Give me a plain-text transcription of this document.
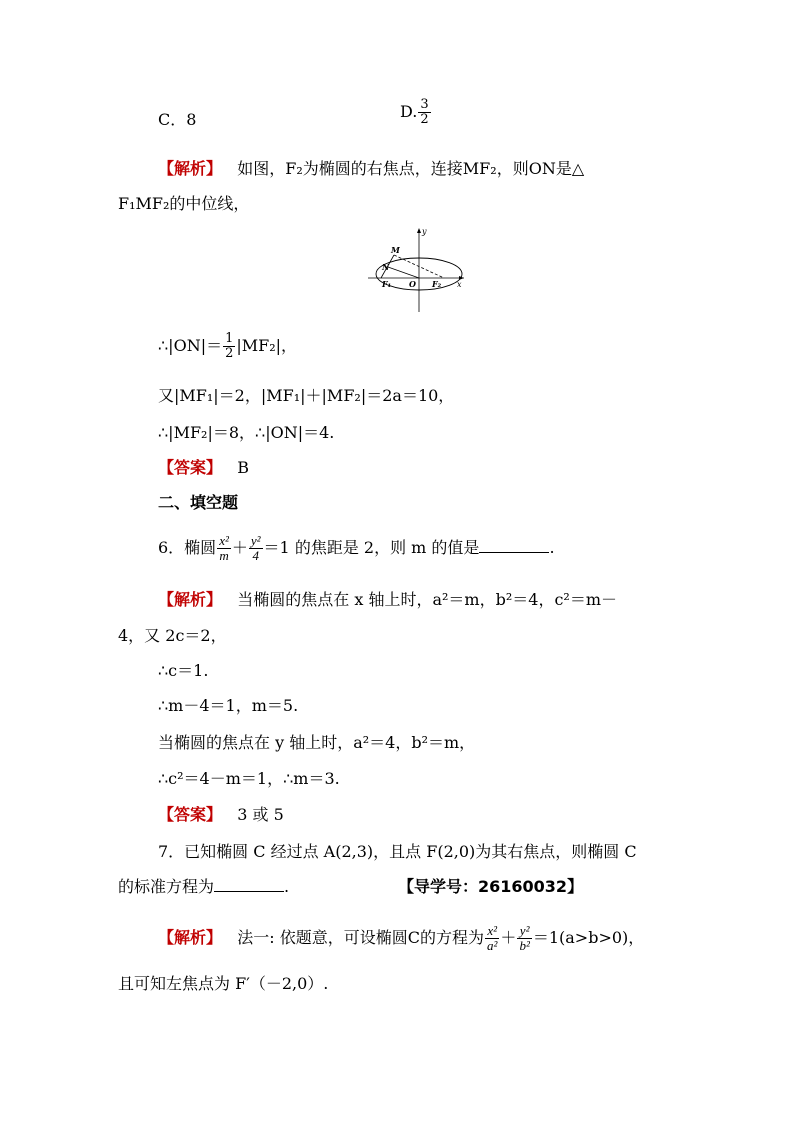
C．8	D. $\frac{3}{2}$
【解析】 如图，F₂为椭圆的右焦点，连接MF₂，则ON是△
F₁MF₂的中位线，
y
M
N
F₁ O F₂ x
∴|ON|＝ $\frac{1}{2} |MF_2|$，
又|MF₁|＝2，|MF₁|＋|MF₂|＝2a＝10，
∴|MF₂|＝8，∴|ON|＝4.
【答案】 B
二、填空题
6．椭圆 $\frac{\text{x²}}{m} + \frac{\text{y²}}{4} =1$ 的焦距是 2，则 m 的值是	.
【解析】 当椭圆的焦点在 x 轴上时，a²＝m，b²＝4，c²＝m－
4，又 2c＝2，
∴c＝1.
∴m－4＝1，m＝5.
当椭圆的焦点在 y 轴上时，a²＝4，b²＝m，
∴c²＝4－m＝1，∴m＝3.
【答案】 3 或 5
7．已知椭圆 C 经过点 A(2,3)，且点 F(2,0)为其右焦点，则椭圆 C
的标准方程为	.	【导学号：26160032】
【解析】 法一: 依题意，可设椭圆C的方程为 $\frac{\text{x²}}{\text{a²}} + \frac{\text{y²}}{\text{b²}} =1(a>b>0)$，
且可知左焦点为 F′（－2,0）.
